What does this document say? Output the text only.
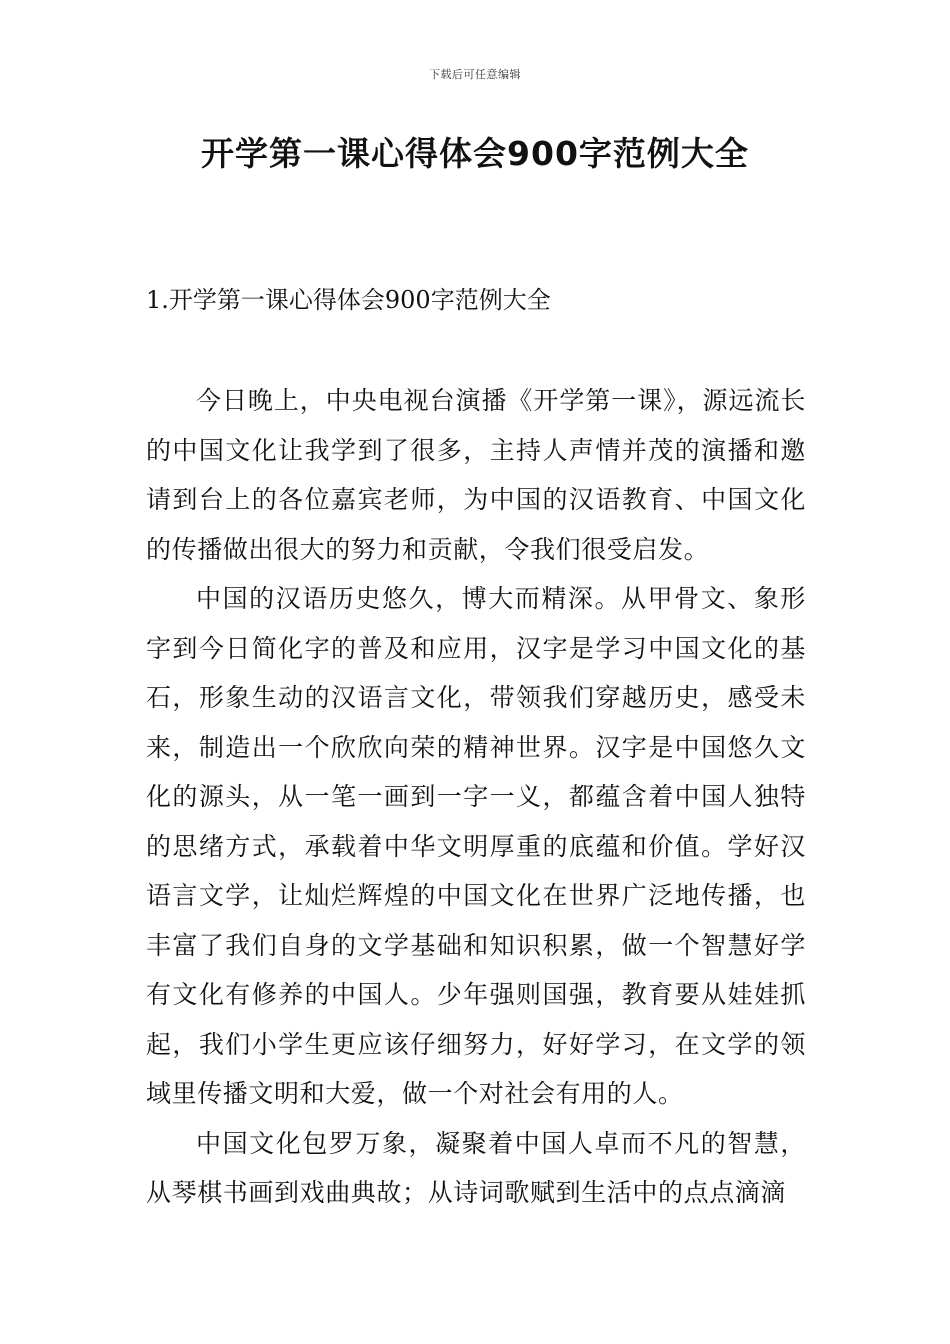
下载后可任意编辑
开学第一课心得体会900字范例大全
1.开学第一课心得体会900字范例大全

今日晚上，中央电视台演播《开学第一课》，源远流长的中国文化让我学到了很多，主持人声情并茂的演播和邀请到台上的各位嘉宾老师，为中国的汉语教育、中国文化的传播做出很大的努力和贡献，令我们很受启发。

中国的汉语历史悠久，博大而精深。从甲骨文、象形字到今日简化字的普及和应用，汉字是学习中国文化的基石，形象生动的汉语言文化，带领我们穿越历史，感受未来，制造出一个欣欣向荣的精神世界。汉字是中国悠久文化的源头，从一笔一画到一字一义，都蕴含着中国人独特的思绪方式，承载着中华文明厚重的底蕴和价值。学好汉语言文学，让灿烂辉煌的中国文化在世界广泛地传播，也丰富了我们自身的文学基础和知识积累，做一个智慧好学有文化有修养的中国人。少年强则国强，教育要从娃娃抓起，我们小学生更应该仔细努力，好好学习，在文学的领域里传播文明和大爱，做一个对社会有用的人。

中国文化包罗万象，凝聚着中国人卓而不凡的智慧，从琴棋书画到戏曲典故；从诗词歌赋到生活中的点点滴滴
